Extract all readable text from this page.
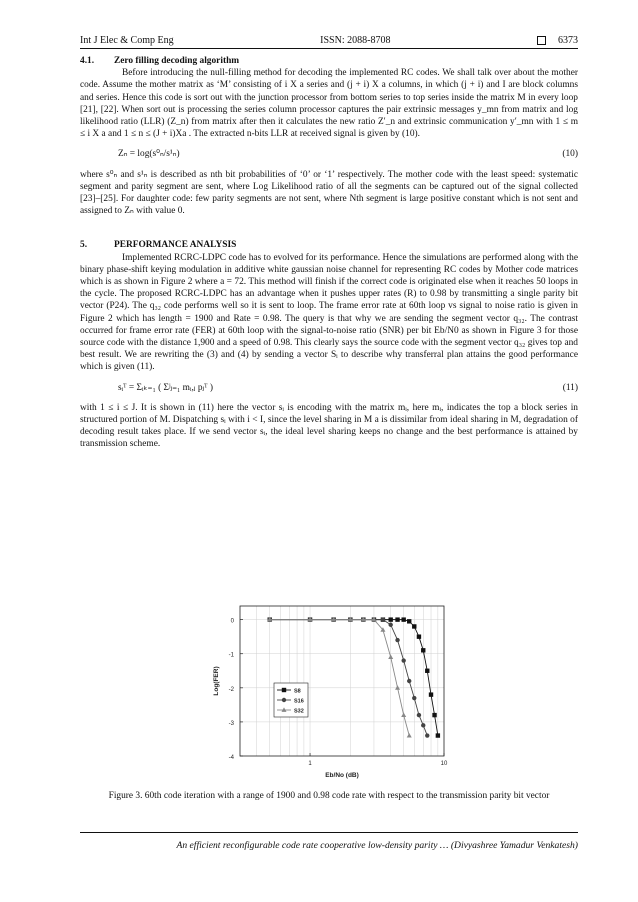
Int J Elec & Comp Eng	ISSN: 2088-8708	6373

4.1. Zero filling decoding algorithm

Before introducing the null-filling method for decoding the implemented RC codes. We shall talk over about the mother code. Assume the mother matrix as ‘M’ consisting of i X a series and (j + i) X a columns, in which (j + i) and I are block columns and series. Hence this code is sort out with the junction processor from bottom series to top series inside the matrix M in every loop [21], [22]. When sort out is processing the series column processor captures the pair extrinsic messages y_mn from matrix and log likelihood ratio (LLR) (Z_n) from matrix after then it calculates the new ratio Z′_n and extrinsic communication y′_mn with 1 ≤ m ≤ i X a and 1 ≤ n ≤ (J + i)Xa . The extracted n-bits LLR at received signal is given by (10).

Zₙ = log(s⁰ₙ/s¹ₙ)	(10)

where s⁰ₙ and s¹ₙ is described as nth bit probabilities of ‘0’ or ‘1’ respectively. The mother code with the least speed: systematic segment and parity segment are sent, where Log Likelihood ratio of all the segments can be captured out of the signal collected [23]–[25]. For daughter code: few parity segments are not sent, where Nth segment is large positive constant which is not sent and assigned to Zₙ with value 0.

5.	PERFORMANCE ANALYSIS

Implemented RCRC-LDPC code has to evolved for its performance. Hence the simulations are performed along with the binary phase-shift keying modulation in additive white gaussian noise channel for representing RC codes by Mother code matrices which is as shown in Figure 2 where a = 72. This method will finish if the correct code is originated else when it reaches 50 loops in the cycle. The proposed RCRC-LDPC has an advantage when it pushes upper rates (R) to 0.98 by transmitting a single parity bit vector (P24). The q₃₂ code performs well so it is sent to loop. The frame error rate at 60th loop vs signal to noise ratio is given in Figure 2 which has length = 1900 and Rate = 0.98. The query is that why we are sending the segment vector q₃₂. The contrast occurred for frame error rate (FER) at 60th loop with the signal-to-noise ratio (SNR) per bit Eb/N0 as shown in Figure 3 for those source code with the distance 1,900 and a speed of 0.98. This clearly says the source code with the segment vector q₃₂ gives top and best result. We are rewriting the (3) and (4) by sending a vector Sᵢ to describe why transferral plan attains the good performance which is given (11).

sᵢᵀ = Σᵢₖ₌₁ ( Σʲⱼ₌₁ mᵢ,ⱼ pⱼᵀ )	(11)

with 1 ≤ i ≤ J. It is shown in (11) here the vector sᵢ is encoding with the matrix mᵢ, here mᵢ, indicates the top a block series in structured portion of M. Dispatching sᵢ with i < I, since the level sharing in M a is dissimilar from ideal sharing in M, degradation of decoding result takes place. If we send vector sᵢ, the ideal level sharing keeps no change and the best performance is attained by transmission scheme.

0
-1
-2
-3
-4
1	10
Eb/No (dB)
Log(FER)	S8
S16
S32
Figure 3. 60th code iteration with a range of 1900 and 0.98 code rate with respect to the transmission parity bit vector
An efficient reconfigurable code rate cooperative low-density parity … (Divyashree Yamadur Venkatesh)
